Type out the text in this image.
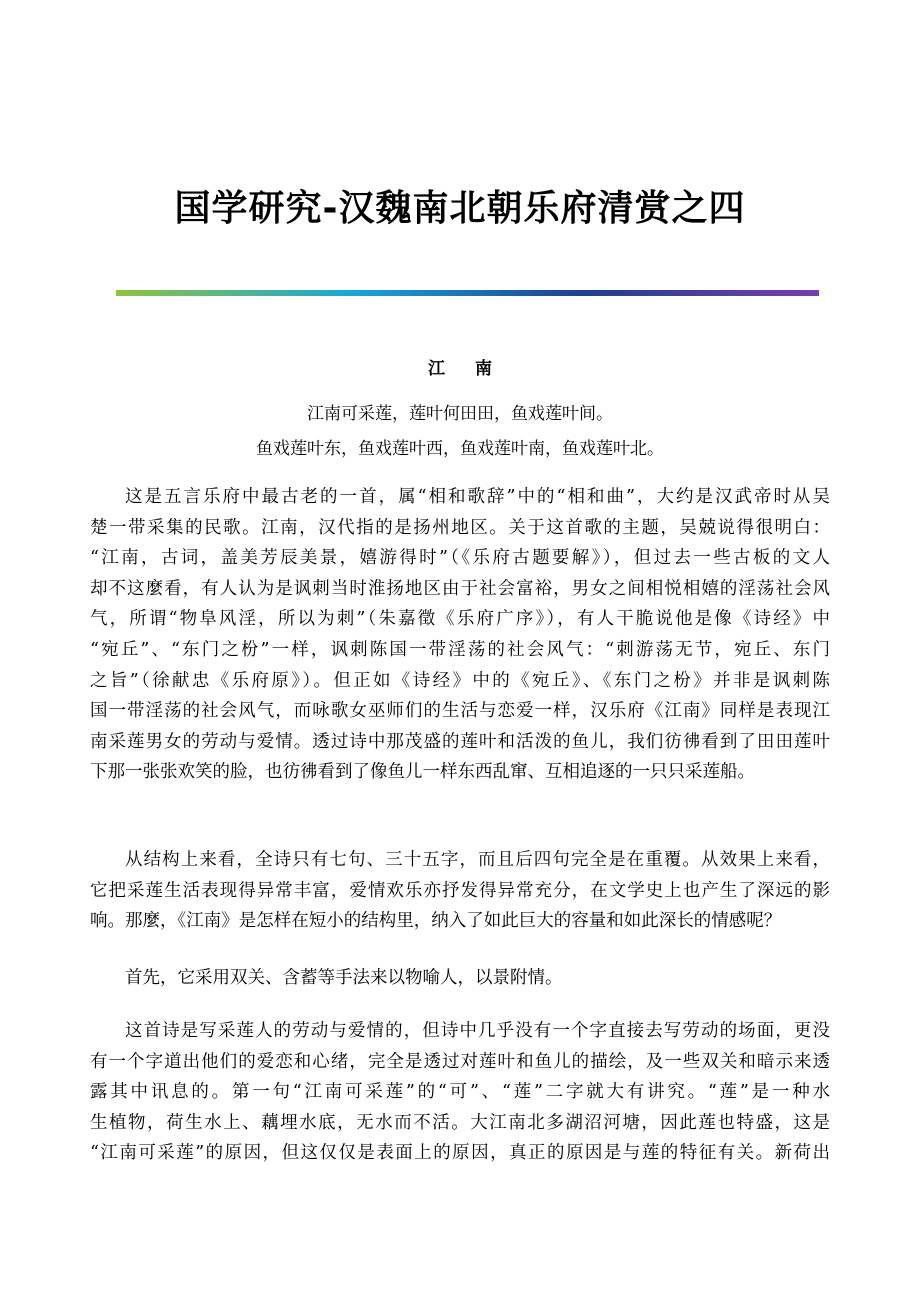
国学研究-汉魏南北朝乐府清赏之四
江 南

江南可采莲，莲叶何田田，鱼戏莲叶间。

鱼戏莲叶东，鱼戏莲叶西，鱼戏莲叶南，鱼戏莲叶北。

这是五言乐府中最古老的一首，属“相和歌辞”中的“相和曲”，大约是汉武帝时从吴
楚一带采集的民歌。江南，汉代指的是扬州地区。关于这首歌的主题，吴兢说得很明白：
“江南，古词，盖美芳辰美景，嬉游得时”（《乐府古题要解》），但过去一些古板的文人
却不这麼看，有人认为是讽刺当时淮扬地区由于社会富裕，男女之间相悦相嬉的淫荡社会风
气，所谓“物阜风淫，所以为刺”（朱嘉徵《乐府广序》），有人干脆说他是像《诗经》中
“宛丘”、“东门之枌”一样，讽刺陈国一带淫荡的社会风气：“刺游荡无节，宛丘、东门
之旨”（徐献忠《乐府原》）。但正如《诗经》中的《宛丘》、《东门之枌》并非是讽刺陈
国一带淫荡的社会风气，而咏歌女巫师们的生活与恋爱一样，汉乐府《江南》同样是表现江
南采莲男女的劳动与爱情。透过诗中那茂盛的莲叶和活泼的鱼儿，我们彷彿看到了田田莲叶
下那一张张欢笑的脸，也彷彿看到了像鱼儿一样东西乱窜、互相追逐的一只只采莲船。
从结构上来看，全诗只有七句、三十五字，而且后四句完全是在重覆。从效果上来看，
它把采莲生活表现得异常丰富，爱情欢乐亦抒发得异常充分，在文学史上也产生了深远的影
响。那麼，《江南》是怎样在短小的结构里，纳入了如此巨大的容量和如此深长的情感呢？
首先，它采用双关、含蓄等手法来以物喻人，以景附情。
这首诗是写采莲人的劳动与爱情的，但诗中几乎没有一个字直接去写劳动的场面，更没
有一个字道出他们的爱恋和心绪，完全是透过对莲叶和鱼儿的描绘，及一些双关和暗示来透
露其中讯息的。第一句“江南可采莲”的“可”、“莲”二字就大有讲究。“莲”是一种水
生植物，荷生水上、藕埋水底，无水而不活。大江南北多湖沼河塘，因此莲也特盛，这是
“江南可采莲”的原因，但这仅仅是表面上的原因，真正的原因是与莲的特征有关。新荷出
